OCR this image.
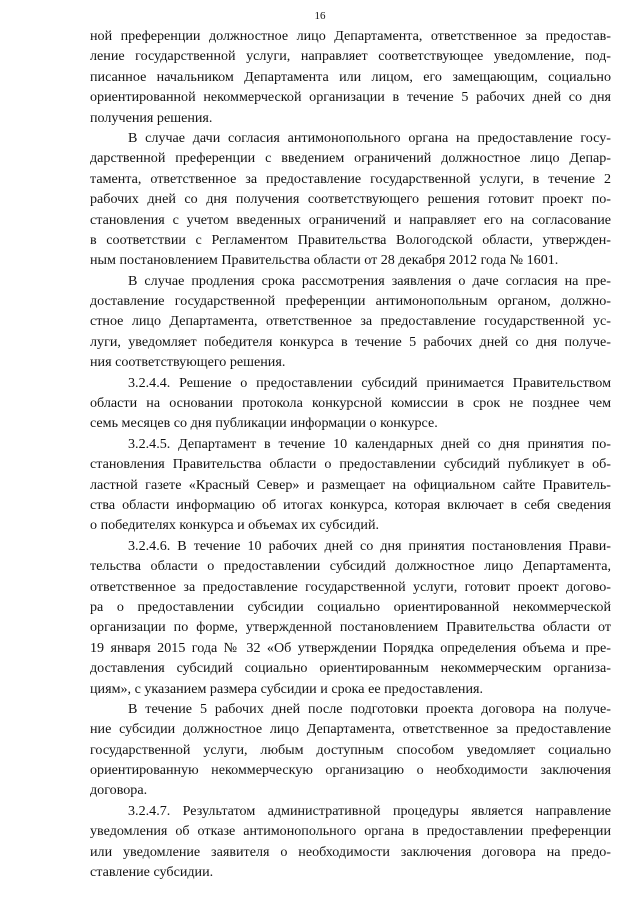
16
ной преференции должностное лицо Департамента, ответственное за предостав-
ление государственной услуги, направляет соответствующее уведомление, под-
писанное начальником Департамента или лицом, его замещающим, социально
ориентированной некоммерческой организации в течение 5 рабочих дней со дня
получения решения.
В случае дачи согласия антимонопольного органа на предоставление госу-
дарственной преференции с введением ограничений должностное лицо Депар-
тамента, ответственное за предоставление государственной услуги, в течение 2
рабочих дней со дня получения соответствующего решения готовит проект по-
становления с учетом введенных ограничений и направляет его на согласование
в соответствии с Регламентом Правительства Вологодской области, утвержден-
ным постановлением Правительства области от 28 декабря 2012 года № 1601.
В случае продления срока рассмотрения заявления о даче согласия на пре-
доставление государственной преференции антимонопольным органом, должно-
стное лицо Департамента, ответственное за предоставление государственной ус-
луги, уведомляет победителя конкурса в течение 5 рабочих дней со дня получе-
ния соответствующего решения.
3.2.4.4. Решение о предоставлении субсидий принимается Правительством
области на основании протокола конкурсной комиссии в срок не позднее чем
семь месяцев со дня публикации информации о конкурсе.
3.2.4.5. Департамент в течение 10 календарных дней со дня принятия по-
становления Правительства области о предоставлении субсидий публикует в об-
ластной газете «Красный Север» и размещает на официальном сайте Правитель-
ства области информацию об итогах конкурса, которая включает в себя сведения
о победителях конкурса и объемах их субсидий.
3.2.4.6. В течение 10 рабочих дней со дня принятия постановления Прави-
тельства области о предоставлении субсидий должностное лицо Департамента,
ответственное за предоставление государственной услуги, готовит проект догово-
ра о предоставлении субсидии социально ориентированной некоммерческой
организации по форме, утвержденной постановлением Правительства области от
19 января 2015 года № 32 «Об утверждении Порядка определения объема и пре-
доставления субсидий социально ориентированным некоммерческим организа-
циям», с указанием размера субсидии и срока ее предоставления.
В течение 5 рабочих дней после подготовки проекта договора на получе-
ние субсидии должностное лицо Департамента, ответственное за предоставление
государственной услуги, любым доступным способом уведомляет социально
ориентированную некоммерческую организацию о необходимости заключения
договора.
3.2.4.7. Результатом административной процедуры является направление
уведомления об отказе антимонопольного органа в предоставлении преференции
или уведомление заявителя о необходимости заключения договора на предо-
ставление субсидии.
